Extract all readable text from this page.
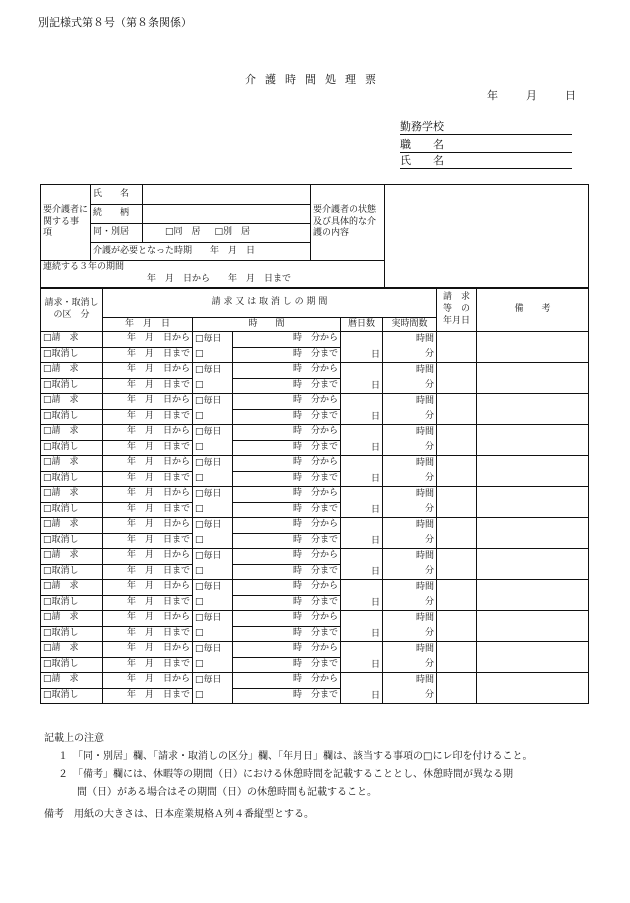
別記様式第８号（第８条関係）
介護時間処理票
年	月	日
勤務学校
職　　名
氏　　名
要介護者に関する事　項	氏　　名		要介護者の状態及び具体的な介護の内容	
	続　　柄			
	同・別居	□同　居 □別　居		
	介護が必要となった時期　　年　月　日			

連続する３年の期間
年　月　日から　　年　月　日まで				
請求・取消しの区　分	請 求 又 は 取 消 し の 期 間					請　求等　の年月日	備　　考
	年　月　日	時　　間		暦日数	実時間数		
□請　求	年　月　日から	□毎日	時　分から	日	時間		
□取消し	年　月　日まで	□	時　分まで		分		
□請　求	年　月　日から	□毎日	時　分から	日	時間		
□取消し	年　月　日まで	□	時　分まで		分		
□請　求	年　月　日から	□毎日	時　分から	日	時間		
□取消し	年　月　日まで	□	時　分まで		分		
□請　求	年　月　日から	□毎日	時　分から	日	時間		
□取消し	年　月　日まで	□	時　分まで		分		
□請　求	年　月　日から	□毎日	時　分から	日	時間		
□取消し	年　月　日まで	□	時　分まで		分		
□請　求	年　月　日から	□毎日	時　分から	日	時間		
□取消し	年　月　日まで	□	時　分まで		分		
□請　求	年　月　日から	□毎日	時　分から	日	時間		
□取消し	年　月　日まで	□	時　分まで		分		
□請　求	年　月　日から	□毎日	時　分から	日	時間		
□取消し	年　月　日まで	□	時　分まで		分		
□請　求	年　月　日から	□毎日	時　分から	日	時間		
□取消し	年　月　日まで	□	時　分まで		分		
□請　求	年　月　日から	□毎日	時　分から	日	時間		
□取消し	年　月　日まで	□	時　分まで		分		
□請　求	年　月　日から	□毎日	時　分から	日	時間		
□取消し	年　月　日まで	□	時　分まで		分		
□請　求	年　月　日から	□毎日	時　分から	日	時間		
□取消し	年　月　日まで	□	時　分まで		分		
記載上の注意
１　「同・別居」欄、「請求・取消しの区分」欄、「年月日」欄は、該当する事項の□にレ印を付けること。
２　「備考」欄には、休暇等の期間（日）における休憩時間を記載することとし、休憩時間が異なる期
間（日）がある場合はその期間（日）の休憩時間も記載すること。
備考　用紙の大きさは、日本産業規格Ａ列４番縦型とする。
